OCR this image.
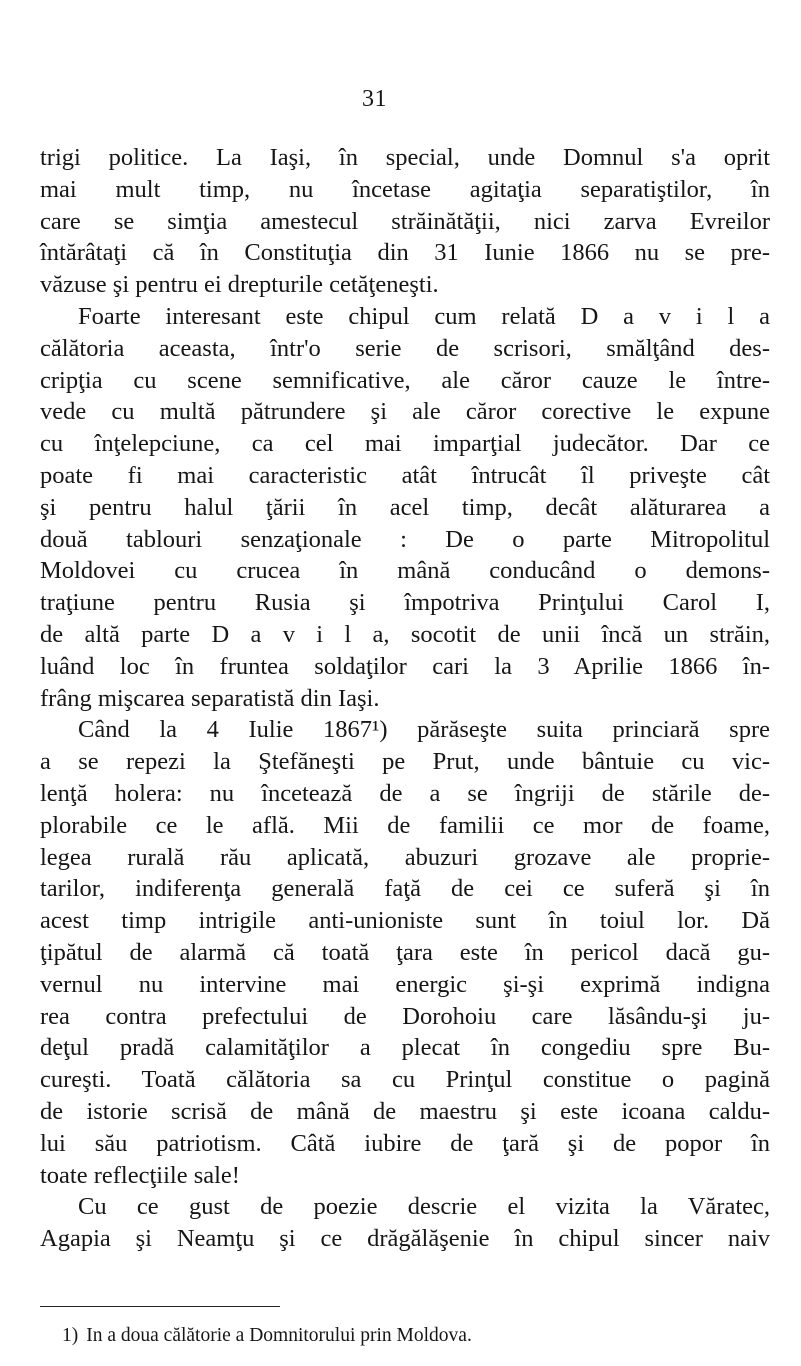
31
trigi politice. La Iaşi, în special, unde Domnul s'a oprit
mai mult timp, nu încetase agitaţia separatiştilor, în
care se simţia amestecul străinătăţii, nici zarva Evreilor
întărâtaţi că în Constituţia din 31 Iunie 1866 nu se pre-
văzuse şi pentru ei drepturile cetăţeneşti.
Foarte interesant este chipul cum relată D a v i l a
călătoria aceasta, într'o serie de scrisori, smălţând des-
cripţia cu scene semnificative, ale căror cauze le între-
vede cu multă pătrundere şi ale căror corective le expune
cu înţelepciune, ca cel mai imparţial judecător. Dar ce
poate fi mai caracteristic atât întrucât îl priveşte cât
şi pentru halul ţării în acel timp, decât alăturarea a
două tablouri senzaţionale : De o parte Mitropolitul
Moldovei cu crucea în mână conducând o demons-
traţiune pentru Rusia şi împotriva Prinţului Carol I,
de altă parte D a v i l a, socotit de unii încă un străin,
luând loc în fruntea soldaţilor cari la 3 Aprilie 1866 în-
frâng mişcarea separatistă din Iaşi.
Când la 4 Iulie 1867¹) părăseşte suita princiară spre
a se repezi la Ştefăneşti pe Prut, unde bântuie cu vic-
lenţă holera: nu încetează de a se îngriji de stările de-
plorabile ce le află. Mii de familii ce mor de foame,
legea rurală rău aplicată, abuzuri grozave ale proprie-
tarilor, indiferenţa generală faţă de cei ce suferă şi în
acest timp intrigile anti-unioniste sunt în toiul lor. Dă
ţipătul de alarmă că toată ţara este în pericol dacă gu-
vernul nu intervine mai energic şi-şi exprimă indigna
rea contra prefectului de Dorohoiu care lăsându-şi ju-
deţul pradă calamităţilor a plecat în congediu spre Bu-
cureşti. Toată călătoria sa cu Prinţul constitue o pagină
de istorie scrisă de mână de maestru şi este icoana caldu-
lui său patriotism. Câtă iubire de ţară şi de popor în
toate reflecţiile sale!
Cu ce gust de poezie descrie el vizita la Văratec,
Agapia şi Neamţu şi ce drăgălăşenie în chipul sincer naiv
1) In a doua călătorie a Domnitorului prin Moldova.
